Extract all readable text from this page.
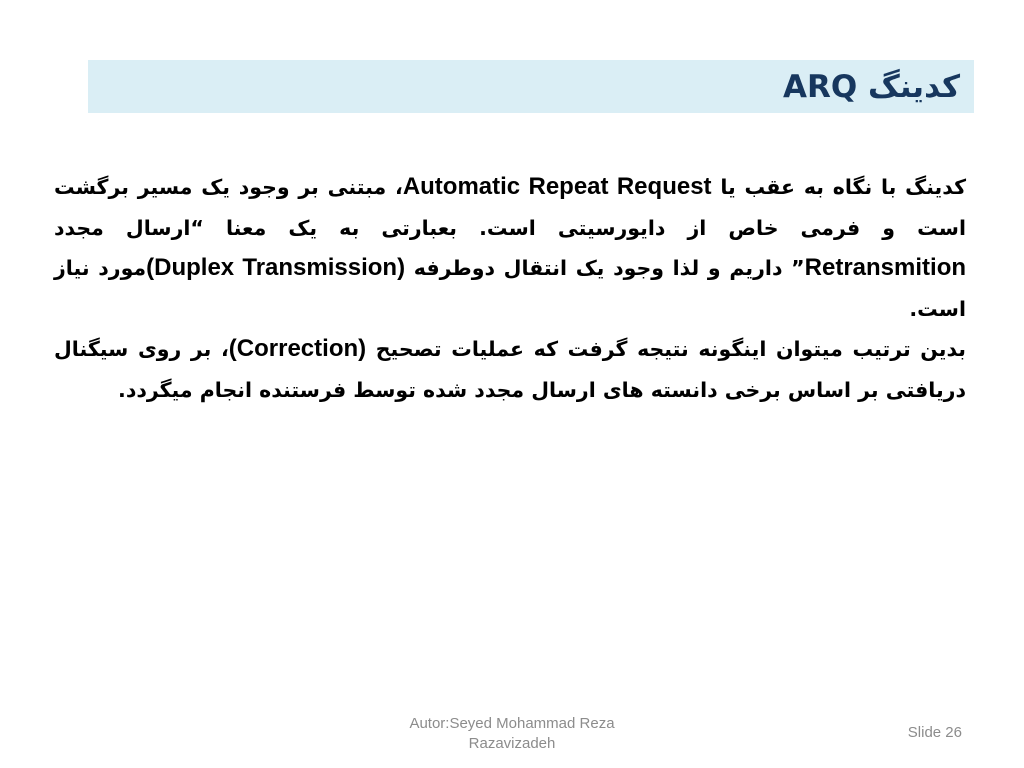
کدینگ ARQ

کدینگ با نگاه به عقب یا Automatic Repeat Request، مبتنی بر وجود یک مسیر برگشت است و فرمی خاص از دایورسیتی است. بعبارتی به یک معنا “ارسال مجدد Retransmition” داریم و لذا وجود یک انتقال دوطرفه (Duplex Transmission)مورد نیاز است.

بدین ترتیب میتوان اینگونه نتیجه گرفت که عملیات تصحیح (Correction)، بر روی سیگنال دریافتی بر اساس برخی دانسته های ارسال مجدد شده توسط فرستنده انجام میگردد.

Autor:Seyed Mohammad Reza Razavizadeh
Slide 26
